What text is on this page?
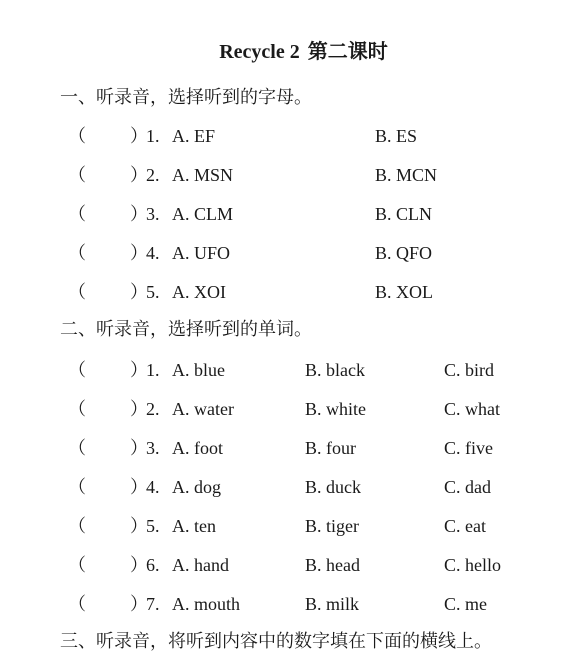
Recycle 2 第二课时
一、听录音，选择听到的字母。
（ ）
1. A. EF	B. ES
（ ）
2. A. MSN	B. MCN
（ ）
3. A. CLM	B. CLN
（ ）
4. A. UFO	B. QFO
（ ）
5. A. XOI	B. XOL
二、听录音，选择听到的单词。
（ ）
1. A. blue	B. black	C. bird
（ ）
2. A. water	B. white	C. what
（ ）
3. A. foot	B. four	C. five
（ ）
4. A. dog	B. duck	C. dad
（ ）
5. A. ten	B. tiger	C. eat
（ ）
6. A. hand	B. head	C. hello
（ ）
7. A. mouth	B. milk	C. me
三、听录音，将听到内容中的数字填在下面的横线上。
